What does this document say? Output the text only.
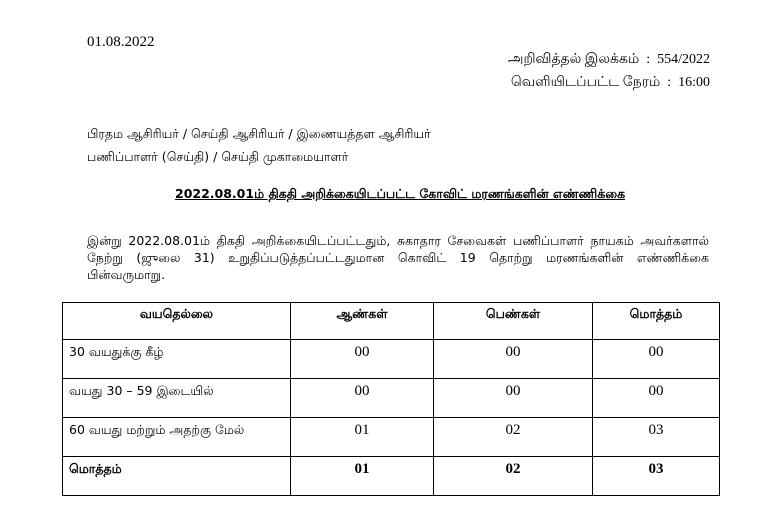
01.08.2022
அறிவித்தல் இலக்கம்  :  554/2022
வெளியிடப்பட்ட நேரம்  :  16:00
பிரதம ஆசிரியர் / செய்தி ஆசிரியர் / இணையத்தள ஆசிரியர்
பணிப்பாளர் (செய்தி) / செய்தி முகாமையாளர்
2022.08.01ம் திகதி அறிக்கையிடப்பட்ட கோவிட் மரணங்களின் எண்ணிக்கை
இன்று 2022.08.01ம் திகதி அறிக்கையிடப்பட்டதும், சுகாதார சேவைகள் பணிப்பாளர் நாயகம் அவர்களால் நேற்று (ஜுலை 31) உறுதிப்படுத்தப்பட்டதுமான கொவிட் 19 தொற்று மரணங்களின் எண்ணிக்கை பின்வருமாறு.
வயதெல்லை	ஆண்கள்	பெண்கள்	மொத்தம்
30 வயதுக்கு கீழ்	00	00	00
வயது 30 – 59 இடையில்	00	00	00
60 வயது மற்றும் அதற்கு மேல்	01	02	03
மொத்தம்	01	02	03
